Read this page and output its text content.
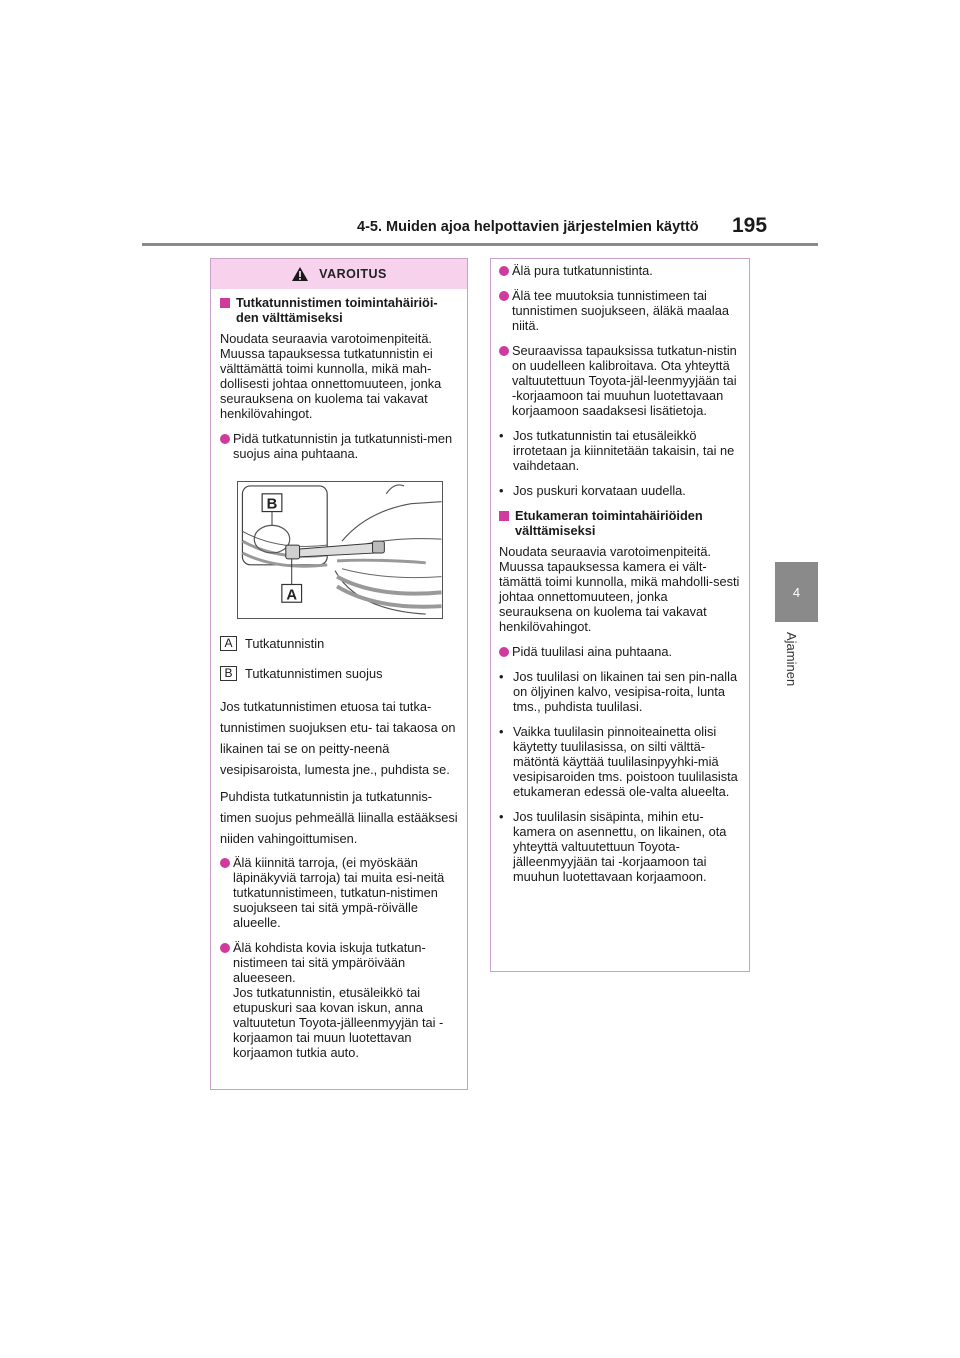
4-5. Muiden ajoa helpottavien järjestelmien käyttö 195
4
Ajaminen
VAROITUS
Tutkatunnistimen toimintahäiriöi-den välttämiseksi
Noudata seuraavia varotoimenpiteitä. Muussa tapauksessa tutkatunnistin ei välttämättä toimi kunnolla, mikä mah-dollisesti johtaa onnettomuuteen, jonka seurauksena on kuolema tai vakavat henkilövahingot.
Pidä tutkatunnistin ja tutkatunnisti-men suojus aina puhtaana.
B
A
A Tutkatunnistin
B Tutkatunnistimen suojus
Jos tutkatunnistimen etuosa tai tutka-tunnistimen suojuksen etu- tai takaosa on likainen tai se on peitty-neenä vesipisaroista, lumesta jne., puhdista se.
Puhdista tutkatunnistin ja tutkatunnis-timen suojus pehmeällä liinalla estääksesi niiden vahingoittumisen.
Älä kiinnitä tarroja, (ei myöskään läpinäkyviä tarroja) tai muita esi-neitä tutkatunnistimeen, tutkatun-nistimen suojukseen tai sitä ympä-röivälle alueelle.
Älä kohdista kovia iskuja tutkatun-nistimeen tai sitä ympäröivään alueeseen.
Jos tutkatunnistin, etusäleikkö tai etupuskuri saa kovan iskun, anna valtuutetun Toyota-jälleenmyyjän tai -korjaamon tai muun luotettavan korjaamon tutkia auto.
Älä pura tutkatunnistinta.
Älä tee muutoksia tunnistimeen tai tunnistimen suojukseen, äläkä maalaa niitä.
Seuraavissa tapauksissa tutkatun-nistin on uudelleen kalibroitava. Ota yhteyttä valtuutettuun Toyota-jäl-leenmyyjään tai -korjaamoon tai muuhun luotettavaan korjaamoon saadaksesi lisätietoja.
• Jos tutkatunnistin tai etusäleikkö irrotetaan ja kiinnitetään takaisin, tai ne vaihdetaan.
• Jos puskuri korvataan uudella.
Etukameran toimintahäiriöiden välttämiseksi
Noudata seuraavia varotoimenpiteitä. Muussa tapauksessa kamera ei vält-tämättä toimi kunnolla, mikä mahdolli-sesti johtaa onnettomuuteen, jonka seurauksena on kuolema tai vakavat henkilövahingot.
Pidä tuulilasi aina puhtaana.
• Jos tuulilasi on likainen tai sen pin-nalla on öljyinen kalvo, vesipisa-roita, lunta tms., puhdista tuulilasi.
• Vaikka tuulilasin pinnoiteainetta olisi käytetty tuulilasissa, on silti välttä-mätöntä käyttää tuulilasinpyyhki-miä vesipisaroiden tms. poistoon tuulilasista etukameran edessä ole-valta alueelta.
• Jos tuulilasin sisäpinta, mihin etu-kamera on asennettu, on likainen, ota yhteyttä valtuutettuun Toyota-jälleenmyyjään tai -korjaamoon tai muuhun luotettavaan korjaamoon.
